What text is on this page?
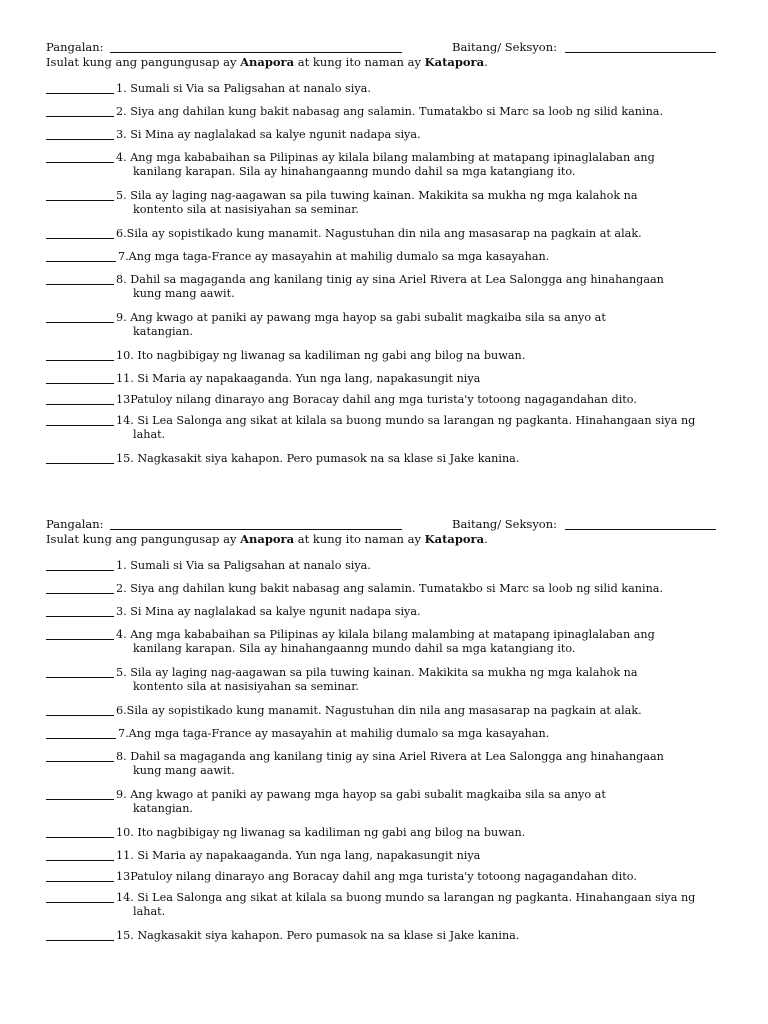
Pangalan:	Baitang/ Seksyon:
Isulat kung ang pangungusap ay Anapora at kung ito naman ay Katapora.
1. Sumali si Via sa Paligsahan at nanalo siya.
2. Siya ang dahilan kung bakit nabasag ang salamin. Tumatakbo si Marc sa loob ng silid kanina.
3. Si Mina ay naglalakad sa kalye ngunit nadapa siya.
4. Ang mga kababaihan sa Pilipinas ay kilala bilang malambing at matapang ipinaglalaban ang
kanilang karapan. Sila ay hinahangaanng mundo dahil sa mga katangiang ito.
5. Sila ay laging nag-aagawan sa pila tuwing kainan. Makikita sa mukha ng mga kalahok na
kontento sila at nasisiyahan sa seminar.
6.Sila ay sopistikado kung manamit. Nagustuhan din nila ang masasarap na pagkain at alak.
7.Ang mga taga-France ay masayahin at mahilig dumalo sa mga kasayahan.
8. Dahil sa magaganda ang kanilang tinig ay sina Ariel Rivera at Lea Salongga ang hinahangaan
kung mang aawit.
9. Ang kwago at paniki ay pawang mga hayop sa gabi subalit magkaiba sila sa anyo at
katangian.
10. Ito nagbibigay ng liwanag sa kadiliman ng gabi ang bilog na buwan.
11. Si Maria ay napakaaganda. Yun nga lang, napakasungit niya
13Patuloy nilang dinarayo ang Boracay dahil ang mga turista'y totoong nagagandahan dito.
14. Si Lea Salonga ang sikat at kilala sa buong mundo sa larangan ng pagkanta. Hinahangaan siya ng
lahat.
15. Nagkasakit siya kahapon. Pero pumasok na sa klase si Jake kanina.
Pangalan:	Baitang/ Seksyon:
Isulat kung ang pangungusap ay Anapora at kung ito naman ay Katapora.
1. Sumali si Via sa Paligsahan at nanalo siya.
2. Siya ang dahilan kung bakit nabasag ang salamin. Tumatakbo si Marc sa loob ng silid kanina.
3. Si Mina ay naglalakad sa kalye ngunit nadapa siya.
4. Ang mga kababaihan sa Pilipinas ay kilala bilang malambing at matapang ipinaglalaban ang
kanilang karapan. Sila ay hinahangaanng mundo dahil sa mga katangiang ito.
5. Sila ay laging nag-aagawan sa pila tuwing kainan. Makikita sa mukha ng mga kalahok na
kontento sila at nasisiyahan sa seminar.
6.Sila ay sopistikado kung manamit. Nagustuhan din nila ang masasarap na pagkain at alak.
7.Ang mga taga-France ay masayahin at mahilig dumalo sa mga kasayahan.
8. Dahil sa magaganda ang kanilang tinig ay sina Ariel Rivera at Lea Salongga ang hinahangaan
kung mang aawit.
9. Ang kwago at paniki ay pawang mga hayop sa gabi subalit magkaiba sila sa anyo at
katangian.
10. Ito nagbibigay ng liwanag sa kadiliman ng gabi ang bilog na buwan.
11. Si Maria ay napakaaganda. Yun nga lang, napakasungit niya
13Patuloy nilang dinarayo ang Boracay dahil ang mga turista'y totoong nagagandahan dito.
14. Si Lea Salonga ang sikat at kilala sa buong mundo sa larangan ng pagkanta. Hinahangaan siya ng
lahat.
15. Nagkasakit siya kahapon. Pero pumasok na sa klase si Jake kanina.
